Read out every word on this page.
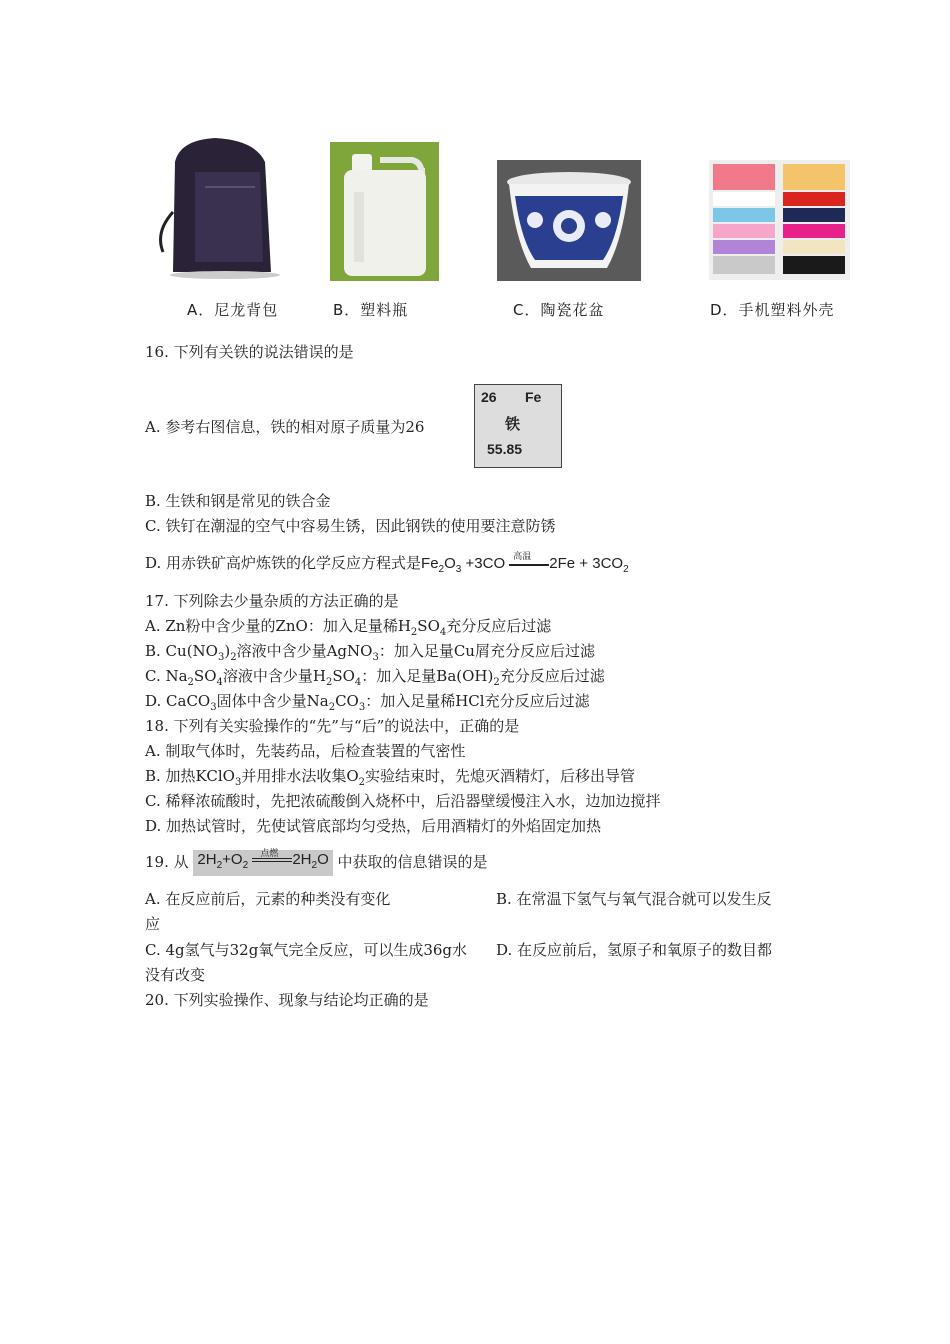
A．尼龙背包	B．塑料瓶	C．陶瓷花盆	D．手机塑料外壳
16. 下列有关铁的说法错误的是
A. 参考右图信息，铁的相对原子质量为26
26 Fe
铁
55.85
B. 生铁和钢是常见的铁合金
C. 铁钉在潮湿的空气中容易生锈，因此钢铁的使用要注意防锈
D. 用赤铁矿高炉炼铁的化学反应方程式是$Fe_2O_3 +3CO$ 高温 $2Fe + 3CO_2$
17. 下列除去少量杂质的方法正确的是
A. Zn粉中含少量的ZnO：加入足量稀$H_2SO_4$充分反应后过滤
B. $Cu(NO_3)_2$溶液中含少量AgNO$_3$：加入足量Cu屑充分反应后过滤
C. $Na_2SO_4$溶液中含少量$H_2SO_4$：加入足量$Ba(OH)_2$充分反应后过滤
D. CaCO$_3$固体中含少量$Na_2CO_3$：加入足量稀HCl充分反应后过滤
18. 下列有关实验操作的“先”与“后”的说法中，正确的是
A. 制取气体时，先装药品，后检查装置的气密性
B. 加热KClO$_3$并用排水法收集$O_2$实验结束时，先熄灭酒精灯，后移出导管
C. 稀释浓硫酸时，先把浓硫酸倒入烧杯中，后沿器壁缓慢注入水，边加边搅拌
D. 加热试管时，先使试管底部均匀受热，后用酒精灯的外焰固定加热
19. 从 $2H_2+O_2$
点燃 $2H_2O$ 中获取的信息错误的是
A. 在反应前后，元素的种类没有变化	B. 在常温下氢气与氧气混合就可以发生反
应
C. 4g氢气与32g氧气完全反应，可以生成36g水 D. 在反应前后，氢原子和氧原子的数目都
没有改变
20. 下列实验操作、现象与结论均正确的是
